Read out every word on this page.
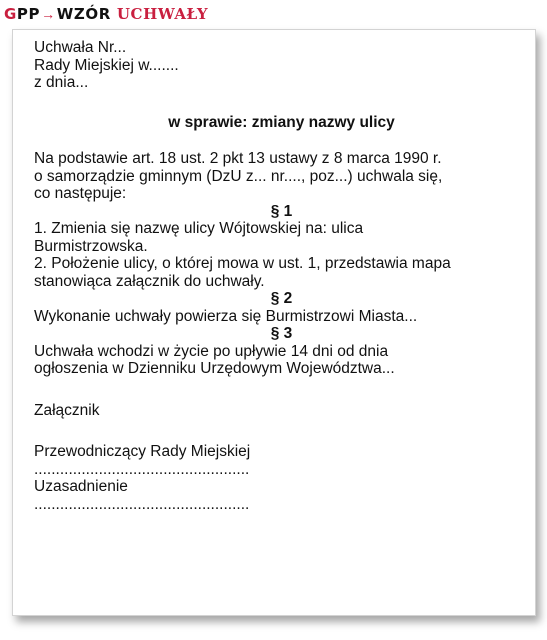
GPP → WZÓR UCHWAŁY
Uchwała Nr...
Rady Miejskiej w.......
z dnia...
w sprawie: zmiany nazwy ulicy
Na podstawie art. 18 ust. 2 pkt 13 ustawy z 8 marca 1990 r.
o samorządzie gminnym (DzU z... nr...., poz...) uchwala się,
co następuje:
§ 1
1. Zmienia się nazwę ulicy Wójtowskiej na: ulica
Burmistrzowska.
2. Położenie ulicy, o której mowa w ust. 1, przedstawia mapa
stanowiąca załącznik do uchwały.
§ 2
Wykonanie uchwały powierza się Burmistrzowi Miasta...
§ 3
Uchwała wchodzi w życie po upływie 14 dni od dnia
ogłoszenia w Dzienniku Urzędowym Województwa...
Załącznik
Przewodniczący Rady Miejskiej
..................................................
Uzasadnienie
..................................................
